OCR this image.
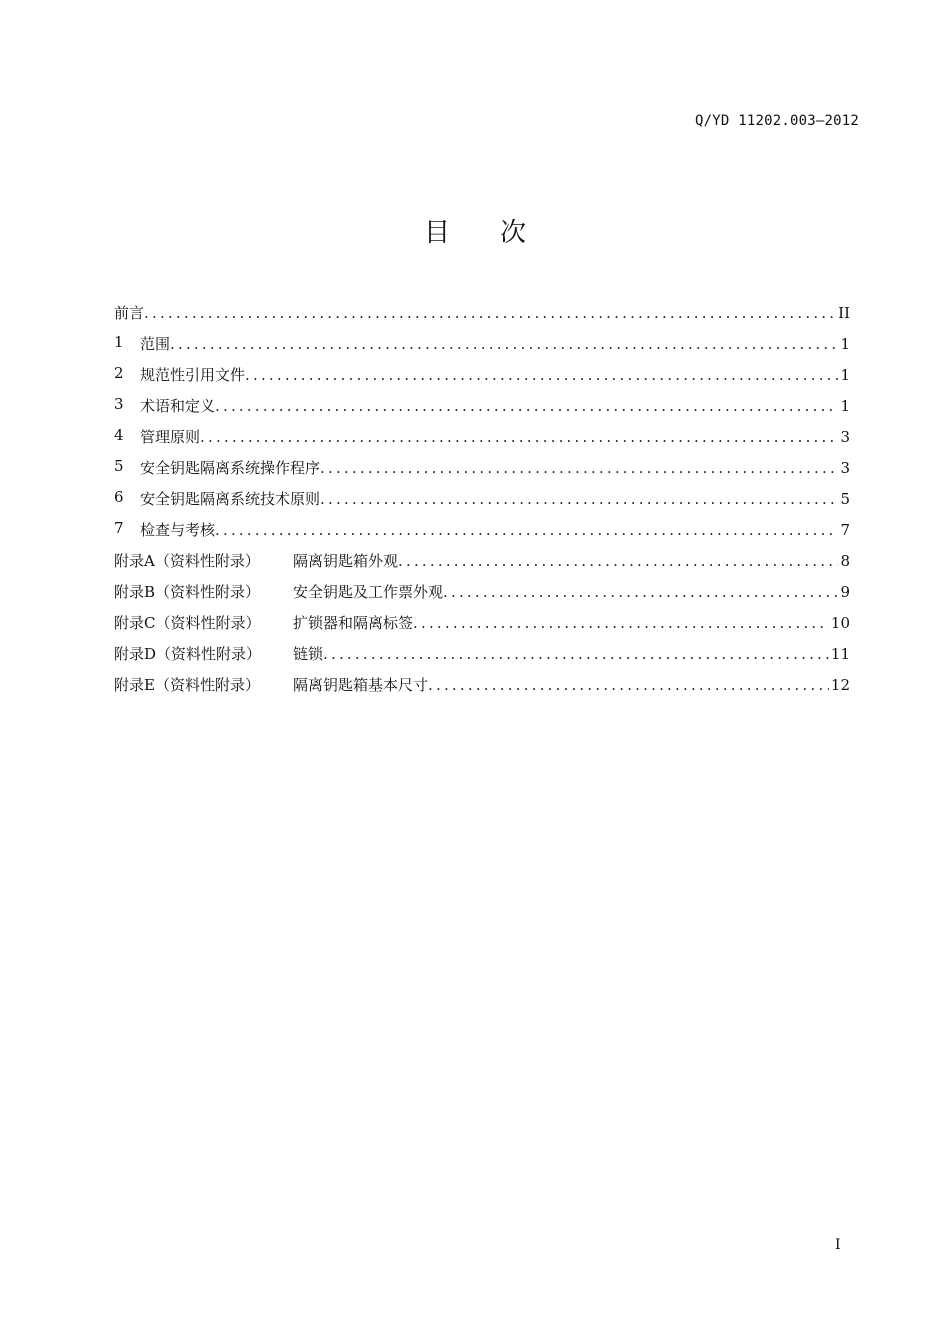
Q/YD 11202.003—2012
目次
前言 .....	II
1	范围 .....	1
2	规范性引用文件 .....	1
3	术语和定义 .....	1
4	管理原则 .....	3
5	安全钥匙隔离系统操作程序 .....	3
6	安全钥匙隔离系统技术原则 .....	5
7	检查与考核 .....	7
附录A（资料性附录）	隔离钥匙箱外观 .....	8
附录B（资料性附录）	安全钥匙及工作票外观 .....	9
附录C（资料性附录）	扩锁器和隔离标签 .....	10
附录D（资料性附录）	链锁 .....	11
附录E（资料性附录）	隔离钥匙箱基本尺寸 .....	12
I
